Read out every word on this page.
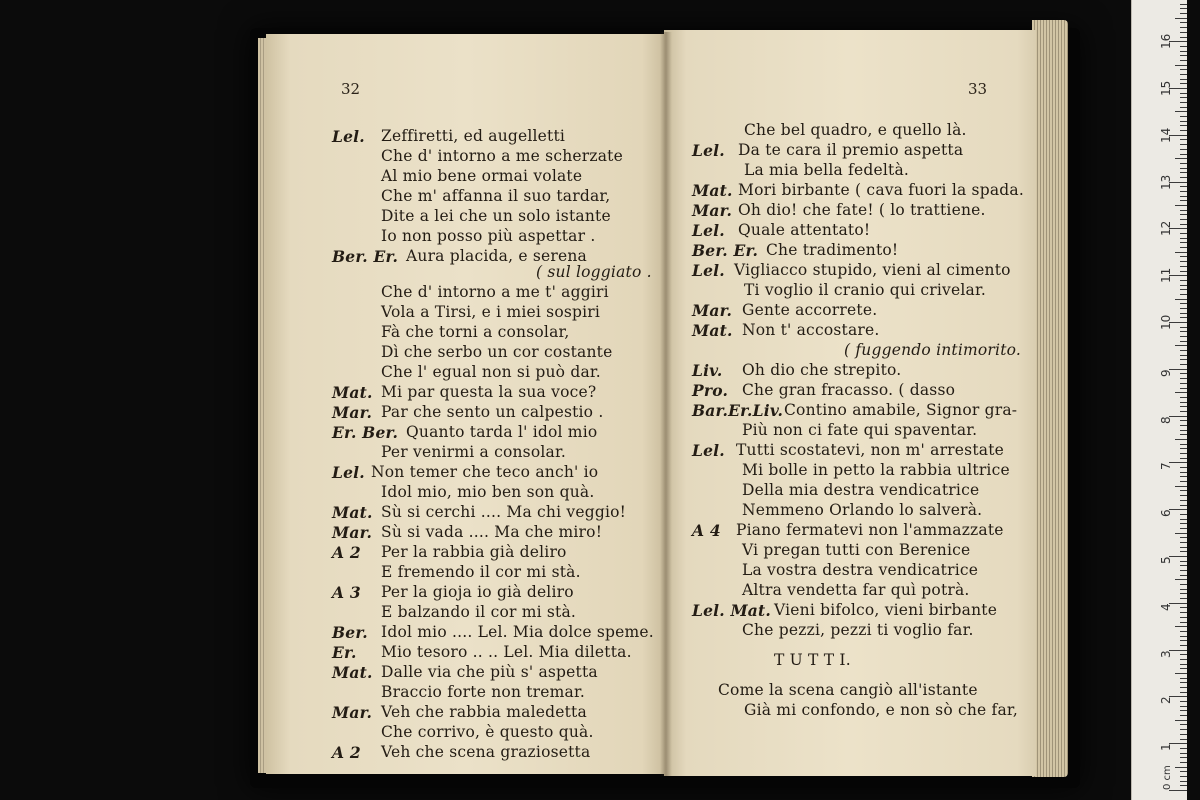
32
Lel. Zeffiretti, ed augelletti
Che d' intorno a me scherzate
Al mio bene ormai volate
Che m' affanna il suo tardar,
Dite a lei che un solo istante
Io non posso più aspettar .
Ber. Er. Aura placida, e serena
( sul loggiato .
Che d' intorno a me t' aggiri
Vola a Tirsi, e i miei sospiri
Fà che torni a consolar,
Dì che serbo un cor costante
Che l' egual non si può dar.
Mat. Mi par questa la sua voce?
Mar. Par che sento un calpestio .
Er. Ber. Quanto tarda l' idol mio
Per venirmi a consolar.
Lel. Non temer che teco anch' io
Idol mio, mio ben son quà.
Mat. Sù si cerchi .... Ma chi veggio!
Mar. Sù si vada .... Ma che miro!
A 2 Per la rabbia già deliro
E fremendo il cor mi stà.
A 3 Per la gioja io già deliro
E balzando il cor mi stà.
Ber. Idol mio .... Lel. Mia dolce speme.
Er. Mio tesoro .. .. Lel. Mia diletta.
Mat. Dalle via che più s' aspetta
Braccio forte non tremar.
Mar. Veh che rabbia maledetta
Che corrivo, è questo quà.
A 2 Veh che scena graziosetta
33
Che bel quadro, e quello là.
Lel. Da te cara il premio aspetta
La mia bella fedeltà.
Mat. Mori birbante ( cava fuori la spada.
Mar. Oh dio! che fate! ( lo trattiene.
Lel. Quale attentato!
Ber. Er. Che tradimento!
Lel. Vigliacco stupido, vieni al cimento
Ti voglio il cranio qui crivelar.
Mar. Gente accorrete.
Mat. Non t' accostare.
( fuggendo intimorito.
Liv. Oh dio che strepito.
Pro. Che gran fracasso. ( dasso
Bar.Er.Liv. Contino amabile, Signor gra-
Più non ci fate qui spaventar.
Lel. Tutti scostatevi, non m' arrestate
Mi bolle in petto la rabbia ultrice
Della mia destra vendicatrice
Nemmeno Orlando lo salverà.
A 4 Piano fermatevi non l'ammazzate
Vi pregan tutti con Berenice
La vostra destra vendicatrice
Altra vendetta far quì potrà.
Lel. Mat. Vieni bifolco, vieni birbante
Che pezzi, pezzi ti voglio far.
T U T T I.
Come la scena cangiò all'istante
Già mi confondo, e non sò che far,
0 cm
1
2
3
4
5
6
7
8
9
10
11
12
13
14
15
16
